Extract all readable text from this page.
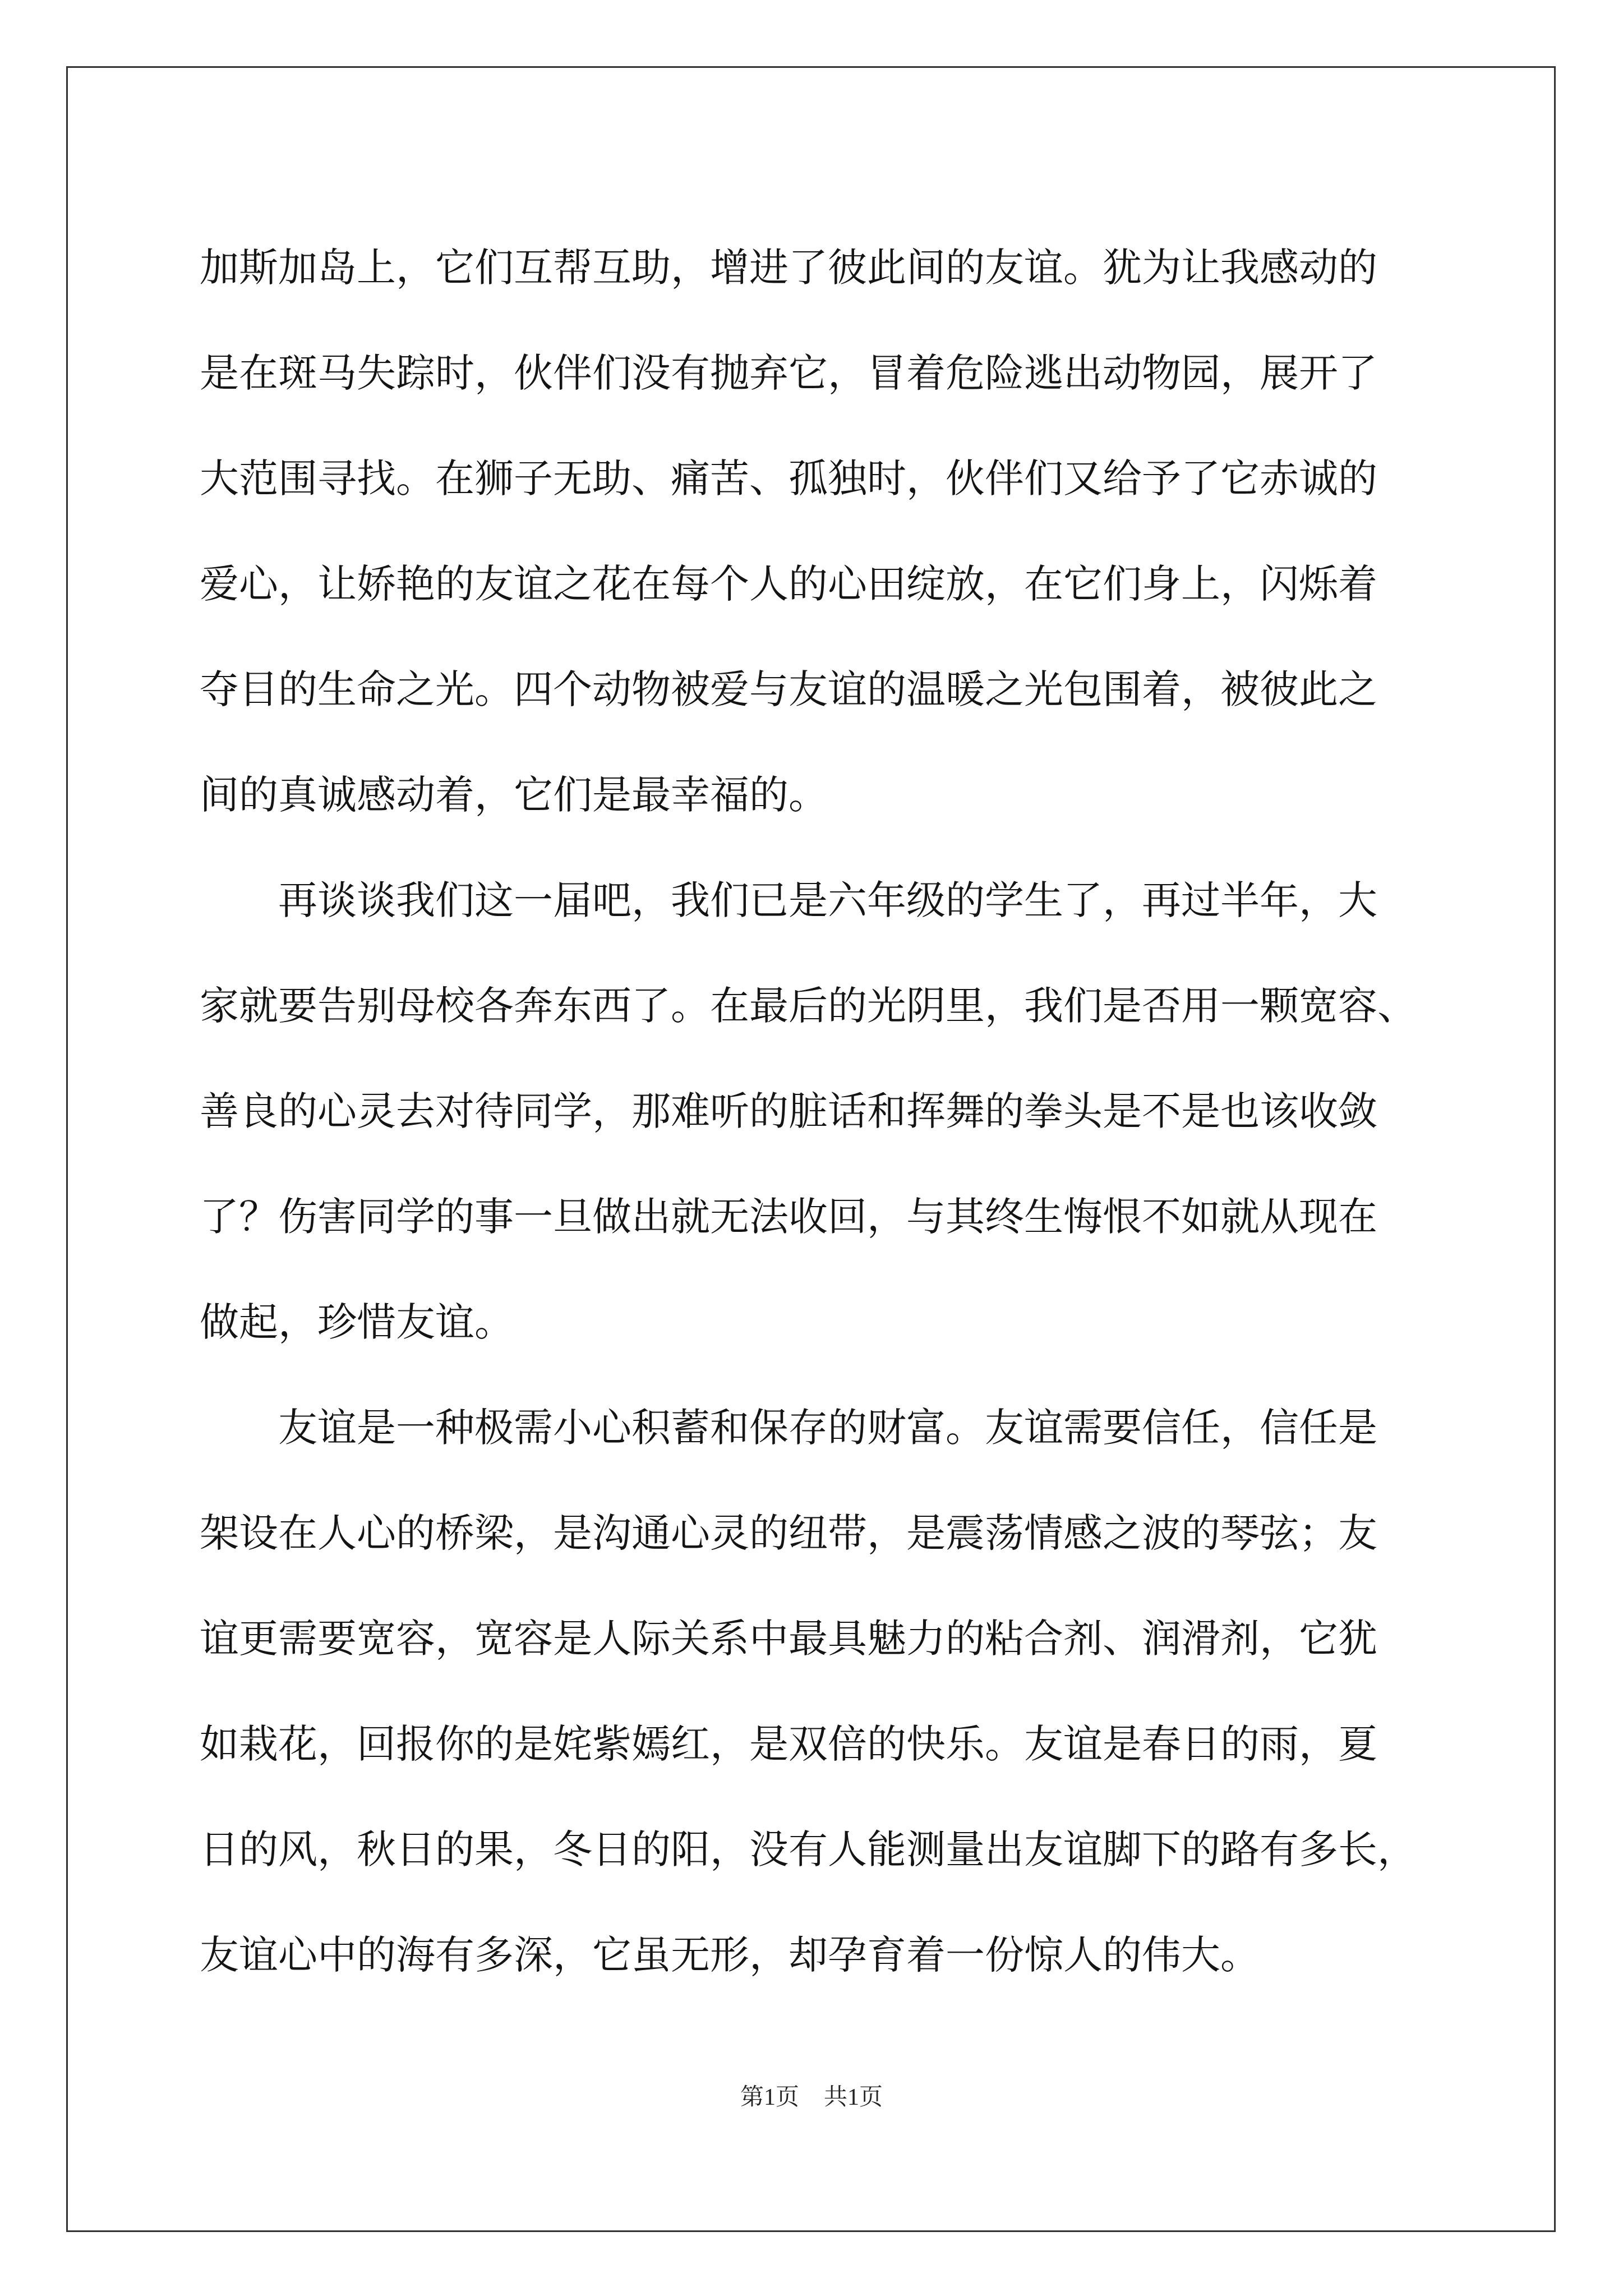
加斯加岛上，它们互帮互助，增进了彼此间的友谊。犹为让我感动的
是在斑马失踪时，伙伴们没有抛弃它，冒着危险逃出动物园，展开了
大范围寻找。在狮子无助、痛苦、孤独时，伙伴们又给予了它赤诚的
爱心，让娇艳的友谊之花在每个人的心田绽放，在它们身上，闪烁着
夺目的生命之光。四个动物被爱与友谊的温暖之光包围着，被彼此之
间的真诚感动着，它们是最幸福的。
　　再谈谈我们这一届吧，我们已是六年级的学生了，再过半年，大
家就要告别母校各奔东西了。在最后的光阴里，我们是否用一颗宽容、
善良的心灵去对待同学，那难听的脏话和挥舞的拳头是不是也该收敛
了？伤害同学的事一旦做出就无法收回，与其终生悔恨不如就从现在
做起，珍惜友谊。
　　友谊是一种极需小心积蓄和保存的财富。友谊需要信任，信任是
架设在人心的桥梁，是沟通心灵的纽带，是震荡情感之波的琴弦；友
谊更需要宽容，宽容是人际关系中最具魅力的粘合剂、润滑剂，它犹
如栽花，回报你的是姹紫嫣红，是双倍的快乐。友谊是春日的雨，夏
日的风，秋日的果，冬日的阳，没有人能测量出友谊脚下的路有多长，
友谊心中的海有多深，它虽无形，却孕育着一份惊人的伟大。
第1页 共1页
